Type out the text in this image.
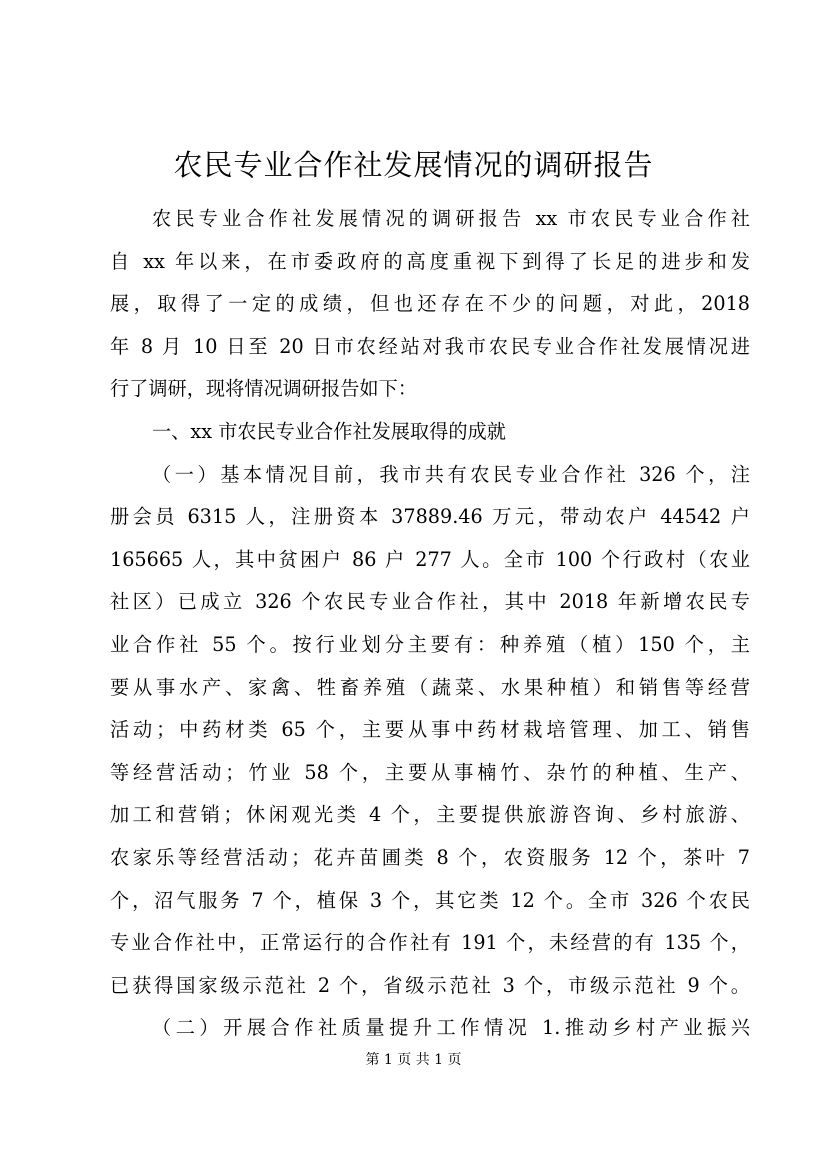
农民专业合作社发展情况的调研报告
农民专业合作社发展情况的调研报告 xx 市农民专业合作社
自 xx 年以来，在市委政府的高度重视下到得了长足的进步和发
展，取得了一定的成绩，但也还存在不少的问题，对此，2018
年 8 月 10 日至 20 日市农经站对我市农民专业合作社发展情况进
行了调研，现将情况调研报告如下：
一、xx 市农民专业合作社发展取得的成就
（一）基本情况目前，我市共有农民专业合作社 326 个，注
册会员 6315 人，注册资本 37889.46 万元，带动农户 44542 户
165665 人，其中贫困户 86 户 277 人。全市 100 个行政村（农业
社区）已成立 326 个农民专业合作社，其中 2018 年新增农民专
业合作社 55 个。按行业划分主要有：种养殖（植）150 个，主
要从事水产、家禽、牲畜养殖（蔬菜、水果种植）和销售等经营
活动；中药材类 65 个，主要从事中药材栽培管理、加工、销售
等经营活动；竹业 58 个，主要从事楠竹、杂竹的种植、生产、
加工和营销；休闲观光类 4 个，主要提供旅游咨询、乡村旅游、
农家乐等经营活动；花卉苗圃类 8 个，农资服务 12 个，茶叶 7
个，沼气服务 7 个，植保 3 个，其它类 12 个。全市 326 个农民
专业合作社中，正常运行的合作社有 191 个，未经营的有 135 个，
已获得国家级示范社 2 个，省级示范社 3 个，市级示范社 9 个。
（二）开展合作社质量提升工作情况 1.推动乡村产业振兴
第 1 页 共 1 页
